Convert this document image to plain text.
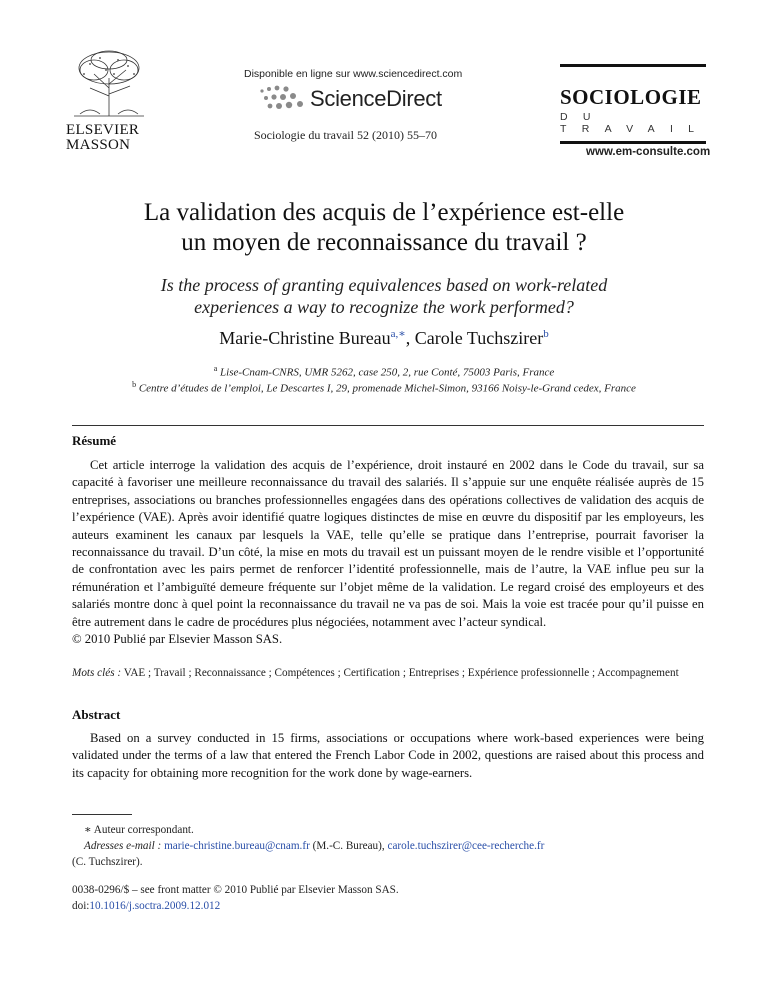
ELSEVIER
MASSON
Disponible en ligne sur www.sciencedirect.com
ScienceDirect
Sociologie du travail 52 (2010) 55–70
SOCIOLOGIE
DU TRAVAIL
www.em-consulte.com
La validation des acquis de l’expérience est-elle
un moyen de reconnaissance du travail ?
Is the process of granting equivalences based on work-related
experiences a way to recognize the work performed?
Marie-Christine Bureau$^{a,∗}$, Carole Tuchszirer$^b$
$^a$ Lise-Cnam-CNRS, UMR 5262, case 250, 2, rue Conté, 75003 Paris, France
$^b$ Centre d’études de l’emploi, Le Descartes I, 29, promenade Michel-Simon, 93166 Noisy-le-Grand cedex, France
Résumé

Cet article interroge la validation des acquis de l’expérience, droit instauré en 2002 dans le Code du travail, sur sa capacité à favoriser une meilleure reconnaissance du travail des salariés. Il s’appuie sur une enquête réalisée auprès de 15 entreprises, associations ou branches professionnelles engagées dans des opérations collectives de validation des acquis de l’expérience (VAE). Après avoir identifié quatre logiques distinctes de mise en œuvre du dispositif par les employeurs, les auteurs examinent les canaux par lesquels la VAE, telle qu’elle se pratique dans l’entreprise, pourrait favoriser la reconnaissance du travail. D’un côté, la mise en mots du travail est un puissant moyen de le rendre visible et l’opportunité de confrontation avec les pairs permet de renforcer l’identité professionnelle, mais de l’autre, la VAE influe peu sur la rémunération et l’ambiguïté demeure fréquente sur l’objet même de la validation. Le regard croisé des employeurs et des salariés montre donc à quel point la reconnaissance du travail ne va pas de soi. Mais la voie est tracée pour qu’il puisse en être autrement dans le cadre de procédures plus négociées, notamment avec l’acteur syndical.

© 2010 Publié par Elsevier Masson SAS.
Mots clés : VAE ; Travail ; Reconnaissance ; Compétences ; Certification ; Entreprises ; Expérience professionnelle ; Accompagnement
Abstract

Based on a survey conducted in 15 firms, associations or occupations where work-based experiences were being validated under the terms of a law that entered the French Labor Code in 2002, questions are raised about this process and its capacity for obtaining more recognition for the work done by wage-earners.

∗ Auteur correspondant.
Adresses e-mail : marie-christine.bureau@cnam.fr (M.-C. Bureau), carole.tuchszirer@cee-recherche.fr
(C. Tuchszirer).
0038-0296/$ – see front matter © 2010 Publié par Elsevier Masson SAS.
doi:10.1016/j.soctra.2009.12.012
